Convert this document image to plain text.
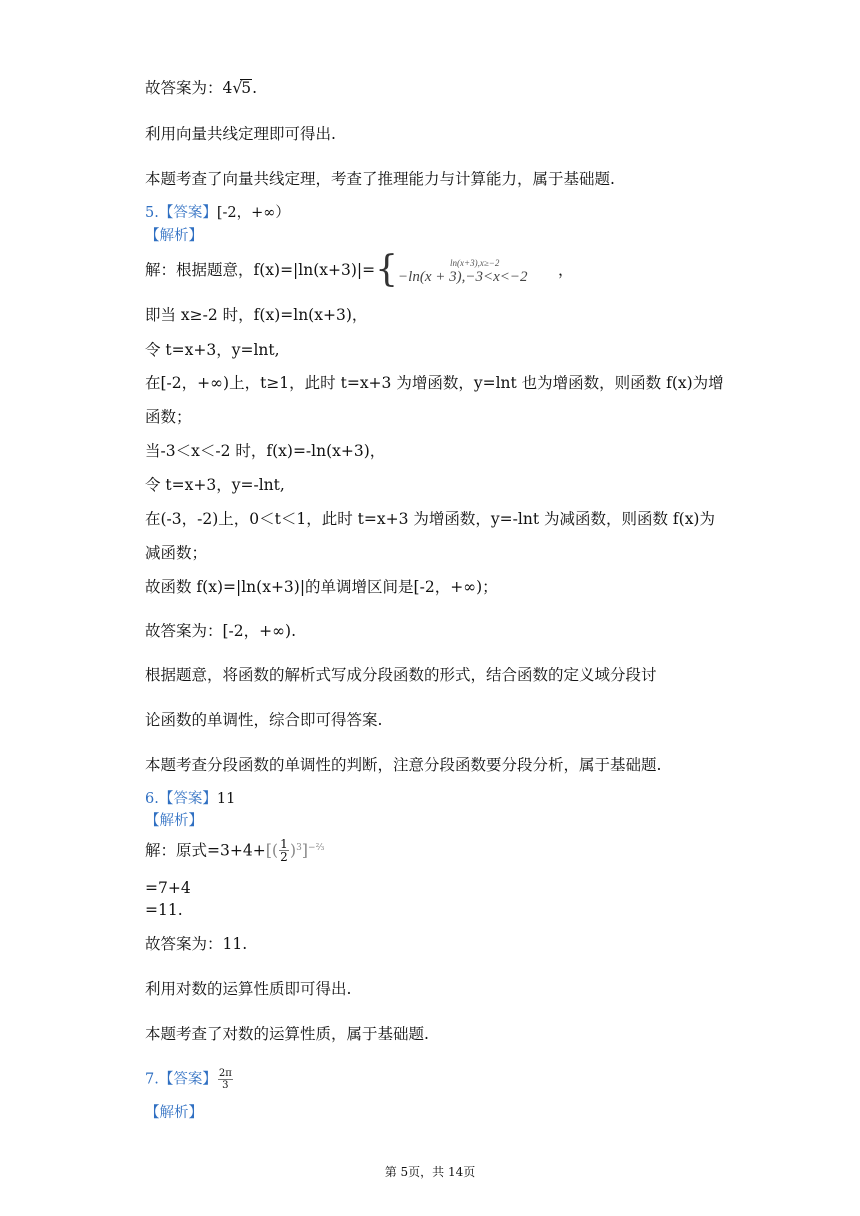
故答案为：4√5.
利用向量共线定理即可得出.
本题考查了向量共线定理，考查了推理能力与计算能力，属于基础题.
5.【答案】[-2，+∞）
【解析】
解：根据题意，f(x)=|ln(x+3)|={	ln(x+3),x≥−2
−ln(x + 3),−3<x<−2 ，
即当 x≥-2 时，f(x)=ln(x+3)，
令 t=x+3，y=lnt,
在[-2，+∞)上，t≥1，此时 t=x+3 为增函数，y=lnt 也为增函数，则函数 f(x)为增
函数；
当-3＜x＜-2 时，f(x)=-ln(x+3)，
令 t=x+3，y=-lnt,
在(-3，-2)上，0＜t＜1，此时 t=x+3 为增函数，y=-lnt 为减函数，则函数 f(x)为
减函数；
故函数 f(x)=|ln(x+3)|的单调增区间是[-2，+∞)；
故答案为：[-2，+∞).
根据题意，将函数的解析式写成分段函数的形式，结合函数的定义域分段讨
论函数的单调性，综合即可得答案.
本题考查分段函数的单调性的判断，注意分段函数要分段分析，属于基础题.
6.【答案】11
【解析】
解：原式$=3+4+[( \frac{1}{2} )^3]^{-\frac{2}{3}}$
=7+4
=11.
故答案为：11.
利用对数的运算性质即可得出.
本题考查了对数的运算性质，属于基础题.
7.【答案】 $\frac{2\pi}{3}$
【解析】
第 5页，共 14页
